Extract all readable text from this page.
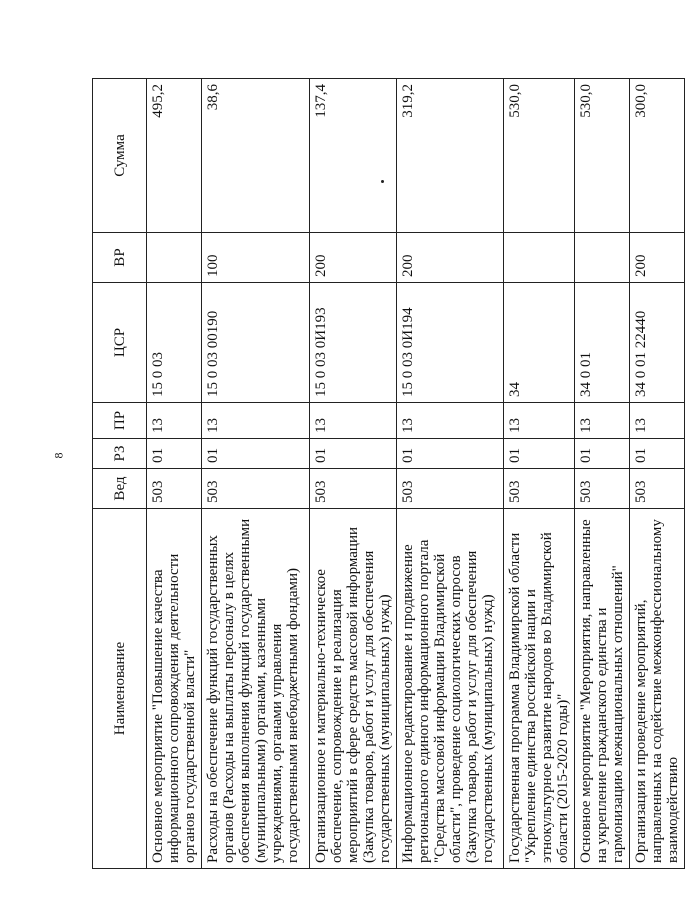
8
Наименование	Вед	РЗ	ПР	ЦСР	ВР	Сумма
Основное мероприятие "Повышение качества информационного сопровождения деятельности органов государственной власти"	503	01	13	15 0 03		495,2
Расходы на обеспечение функций государственных органов (Расходы на выплаты персоналу в целях обеспечения выполнения функций государственными (муниципальными) органами, казенными учреждениями, органами управления государственными внебюджетными фондами)	503	01	13	15 0 03 00190	100	38,6
Организационное и материально-техническое обеспечение, сопровождение и реализация мероприятий в сфере средств массовой информации (Закупка товаров, работ и услуг для обеспечения государственных (муниципальных) нужд)	503	01	13	15 0 03 0И193	200	137,4
Информационное редактирование и продвижение регионального единого информационного портала "Средства массовой информации Владимирской области", проведение социологических опросов (Закупка товаров, работ и услуг для обеспечения государственных (муниципальных) нужд)	503	01	13	15 0 03 0И194	200	319,2
Государственная программа Владимирской области "Укрепление единства российской нации и этнокультурное развитие народов во Владимирской области (2015-2020 годы)"	503	01	13	34		530,0
Основное мероприятие "Мероприятия, направленные на укрепление гражданского единства и гармонизацию межнациональных отношений"	503	01	13	34 0 01		530,0
Организация и проведение мероприятий, направленных на содействие межконфессиональному взаимодействию	503	01	13	34 0 01 22440	200	300,0
